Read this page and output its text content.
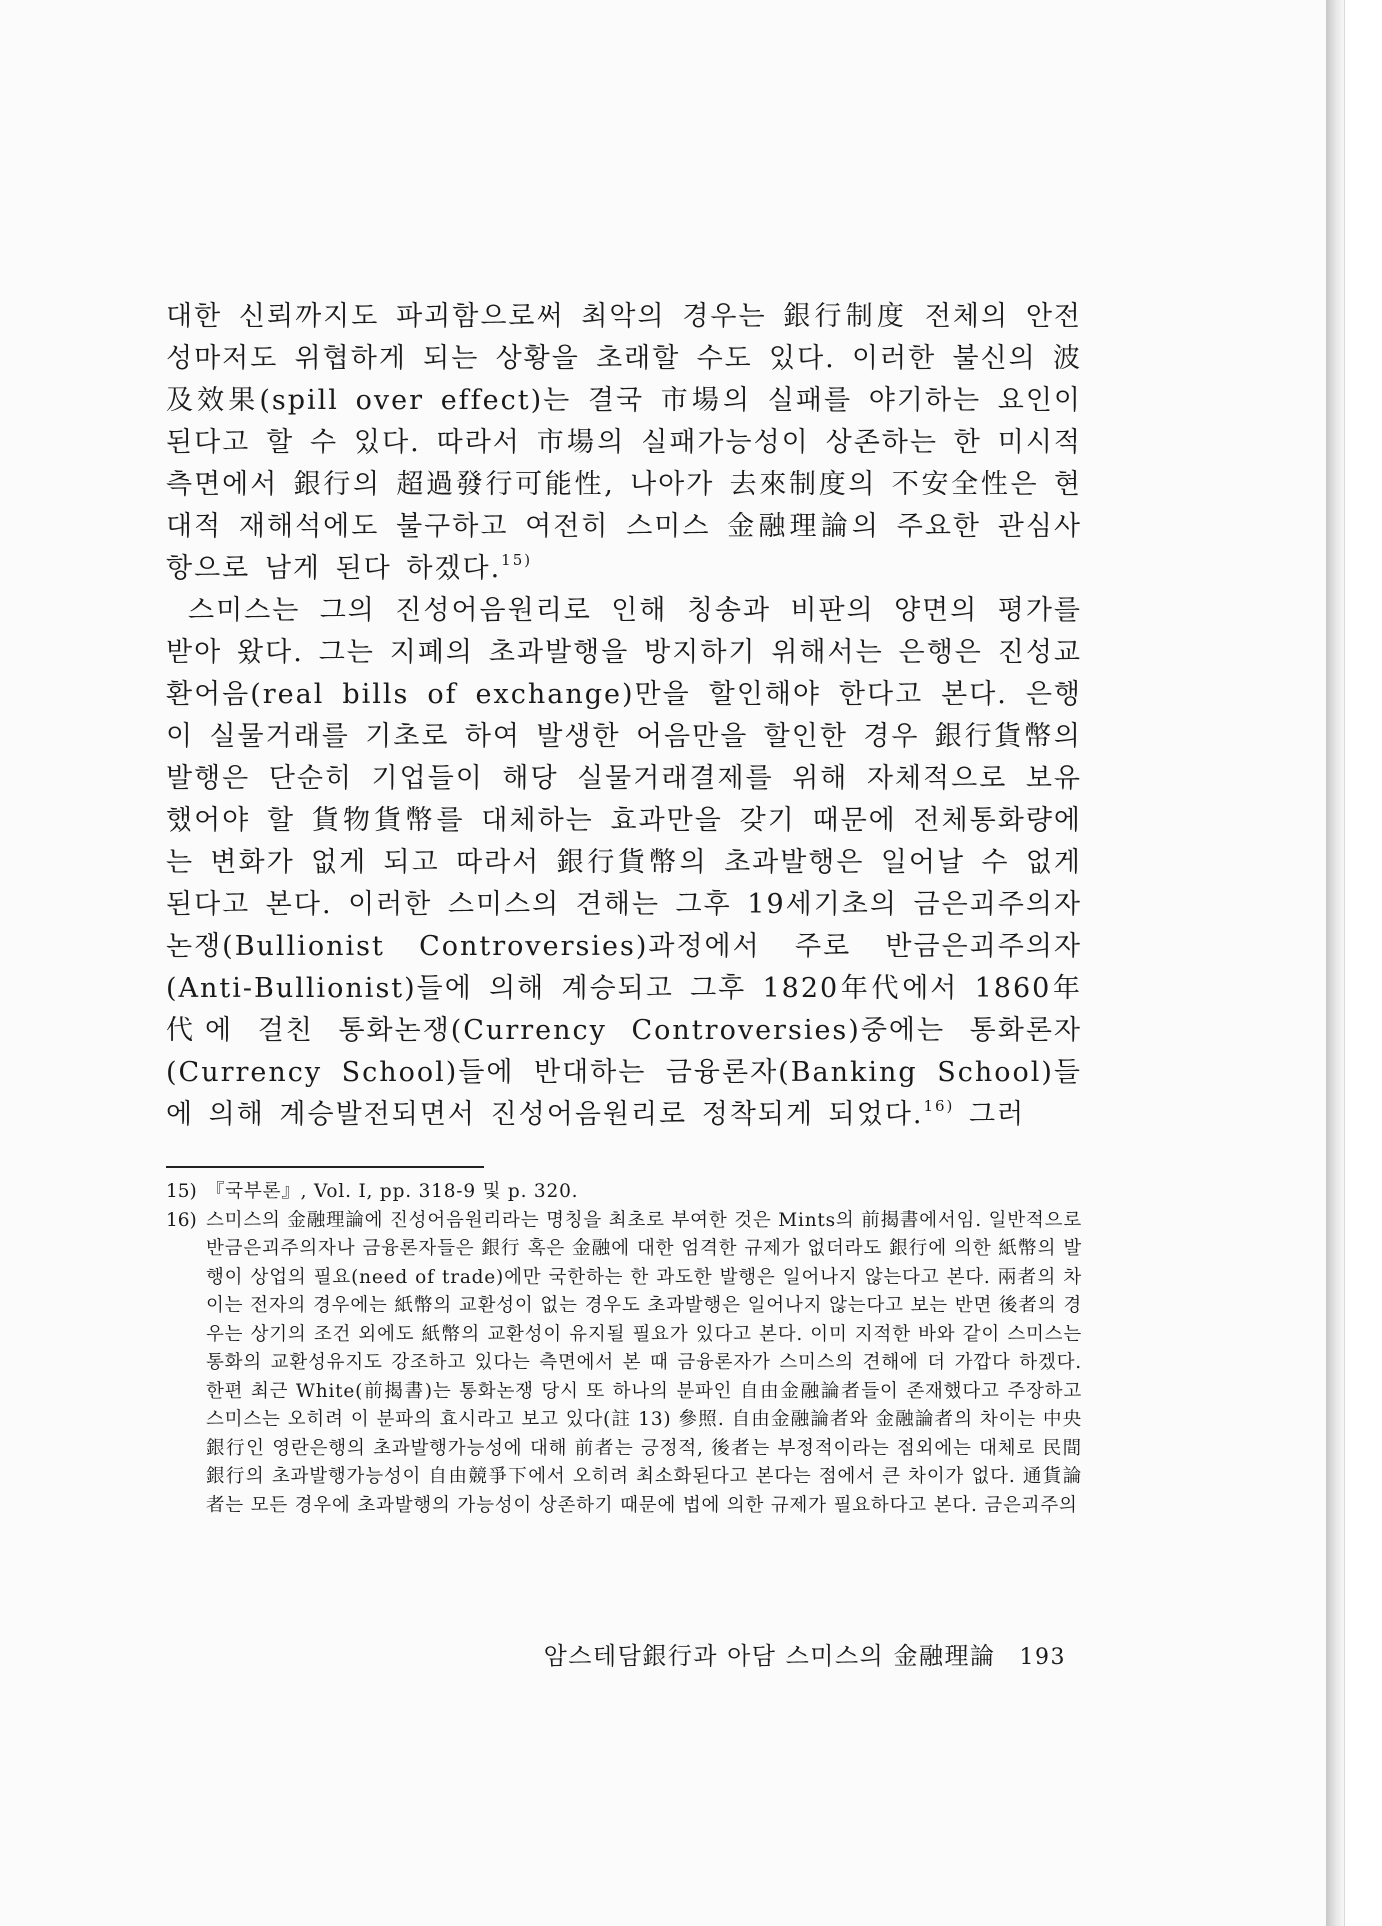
대한 신뢰까지도 파괴함으로써 최악의 경우는 銀行制度 전체의 안전성마저도 위협하게 되는 상황을 초래할 수도 있다. 이러한 불신의 波及效果(spill over effect)는 결국 市場의 실패를 야기하는 요인이 된다고 할 수 있다. 따라서 市場의 실패가능성이 상존하는 한 미시적 측면에서 銀行의 超過發行可能性, 나아가 去來制度의 不安全性은 현대적 재해석에도 불구하고 여전히 스미스 金融理論의 주요한 관심사항으로 남게 된다 하겠다.$^{15)}$

스미스는 그의 진성어음원리로 인해 칭송과 비판의 양면의 평가를 받아 왔다. 그는 지폐의 초과발행을 방지하기 위해서는 은행은 진성교환어음(real bills of exchange)만을 할인해야 한다고 본다. 은행이 실물거래를 기초로 하여 발생한 어음만을 할인한 경우 銀行貨幣의 발행은 단순히 기업들이 해당 실물거래결제를 위해 자체적으로 보유했어야 할 貨物貨幣를 대체하는 효과만을 갖기 때문에 전체통화량에는 변화가 없게 되고 따라서 銀行貨幣의 초과발행은 일어날 수 없게 된다고 본다. 이러한 스미스의 견해는 그후 19세기초의 금은괴주의자 논쟁(Bullionist Controversies)과정에서 주로 반금은괴주의자(Anti-Bullionist)들에 의해 계승되고 그후 1820年代에서 1860年代에 걸친 통화논쟁(Currency Controversies)중에는 통화론자(Currency School)들에 반대하는 금융론자(Banking School)들에 의해 계승발전되면서 진성어음원리로 정착되게 되었다.$^{16)}$ 그러

15) 『국부론』, Vol. I, pp. 318-9 및 p. 320.
16) 스미스의 金融理論에 진성어음원리라는 명칭을 최초로 부여한 것은 Mints의 前揭書에서임. 일반적으로 반금은괴주의자나 금융론자들은 銀行 혹은 金融에 대한 엄격한 규제가 없더라도 銀行에 의한 紙幣의 발행이 상업의 필요(need of trade)에만 국한하는 한 과도한 발행은 일어나지 않는다고 본다. 兩者의 차이는 전자의 경우에는 紙幣의 교환성이 없는 경우도 초과발행은 일어나지 않는다고 보는 반면 後者의 경우는 상기의 조건 외에도 紙幣의 교환성이 유지될 필요가 있다고 본다. 이미 지적한 바와 같이 스미스는 통화의 교환성유지도 강조하고 있다는 측면에서 본 때 금융론자가 스미스의 견해에 더 가깝다 하겠다. 한편 최근 White(前揭書)는 통화논쟁 당시 또 하나의 분파인 自由金融論者들이 존재했다고 주장하고 스미스는 오히려 이 분파의 효시라고 보고 있다(註 13) 參照. 自由金融論者와 金融論者의 차이는 中央銀行인 영란은행의 초과발행가능성에 대해 前者는 긍정적, 後者는 부정적이라는 점외에는 대체로 民間銀行의 초과발행가능성이 自由競爭下에서 오히려 최소화된다고 본다는 점에서 큰 차이가 없다. 通貨論者는 모든 경우에 초과발행의 가능성이 상존하기 때문에 법에 의한 규제가 필요하다고 본다. 금은괴주의
암스테담銀行과 아담 스미스의 金融理論 193
